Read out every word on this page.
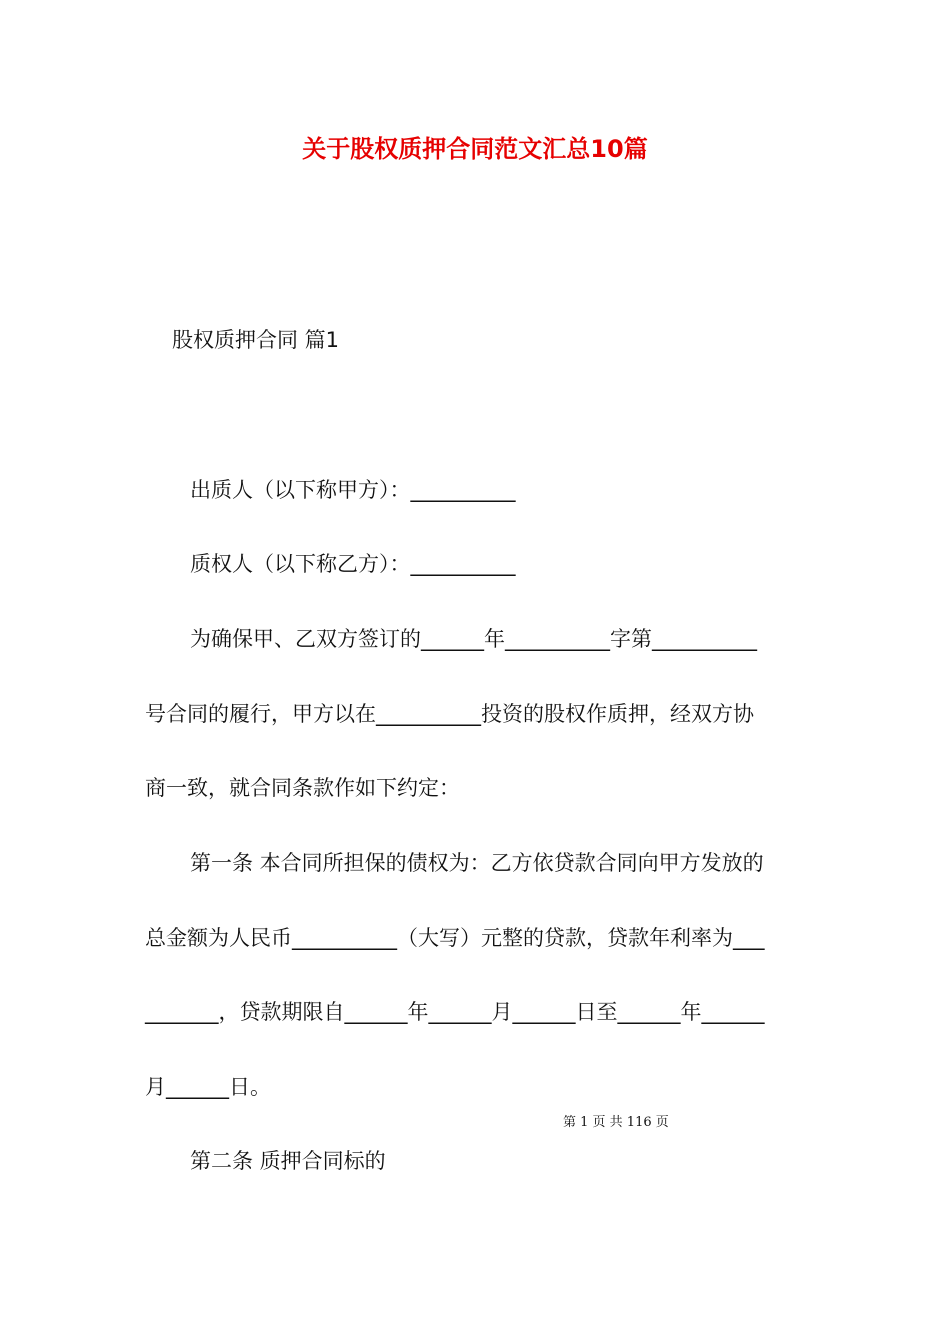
关于股权质押合同范文汇总10篇
股权质押合同 篇1
出质人（以下称甲方）：__________
质权人（以下称乙方）：__________
为确保甲、乙双方签订的______年__________字第__________
号合同的履行，甲方以在__________投资的股权作质押，经双方协
商一致，就合同条款作如下约定：
第一条 本合同所担保的债权为：乙方依贷款合同向甲方发放的
总金额为人民币__________（大写）元整的贷款，贷款年利率为___
_______，贷款期限自______年______月______日至______年______
月______日。
第 1 页 共 116 页
第二条 质押合同标的
